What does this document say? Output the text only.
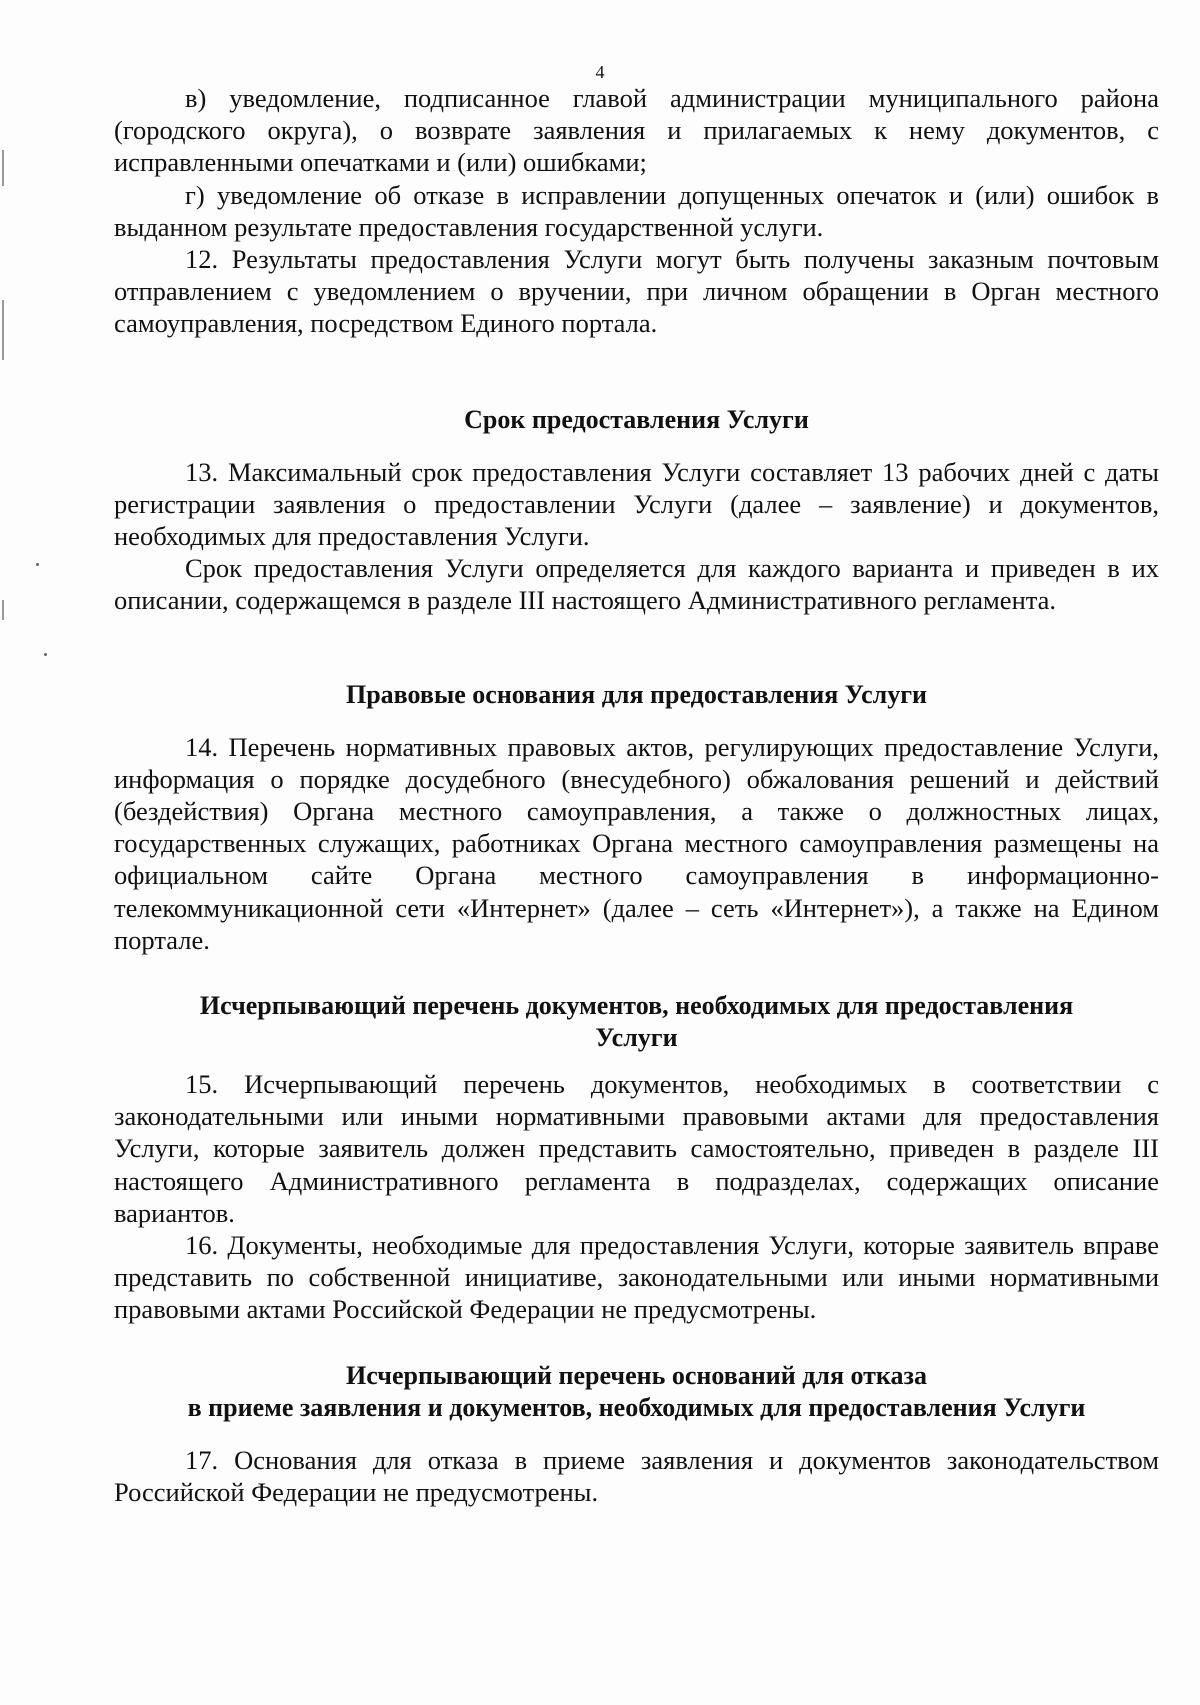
4

в) уведомление, подписанное главой администрации муниципального района (городского округа), о возврате заявления и прилагаемых к нему документов, с исправленными опечатками и (или) ошибками;

г) уведомление об отказе в исправлении допущенных опечаток и (или) ошибок в выданном результате предоставления государственной услуги.

12. Результаты предоставления Услуги могут быть получены заказным почтовым отправлением с уведомлением о вручении, при личном обращении в Орган местного самоуправления, посредством Единого портала.

Срок предоставления Услуги

13. Максимальный срок предоставления Услуги составляет 13 рабочих дней с даты регистрации заявления о предоставлении Услуги (далее – заявление) и документов, необходимых для предоставления Услуги.

Срок предоставления Услуги определяется для каждого варианта и приведен в их описании, содержащемся в разделе III настоящего Административного регламента.

Правовые основания для предоставления Услуги

14. Перечень нормативных правовых актов, регулирующих предоставление Услуги, информация о порядке досудебного (внесудебного) обжалования решений и действий (бездействия) Органа местного самоуправления, а также о должностных лицах, государственных служащих, работниках Органа местного самоуправления размещены на официальном сайте Органа местного самоуправления в информационно-телекоммуникационной сети «Интернет» (далее – сеть «Интернет»), а также на Едином портале.

Исчерпывающий перечень документов, необходимых для предоставления
Услуги

15. Исчерпывающий перечень документов, необходимых в соответствии с законодательными или иными нормативными правовыми актами для предоставления Услуги, которые заявитель должен представить самостоятельно, приведен в разделе III настоящего Административного регламента в подразделах, содержащих описание вариантов.

16. Документы, необходимые для предоставления Услуги, которые заявитель вправе представить по собственной инициативе, законодательными или иными нормативными правовыми актами Российской Федерации не предусмотрены.

Исчерпывающий перечень оснований для отказа
в приеме заявления и документов, необходимых для предоставления Услуги

17. Основания для отказа в приеме заявления и документов законодательством Российской Федерации не предусмотрены.
